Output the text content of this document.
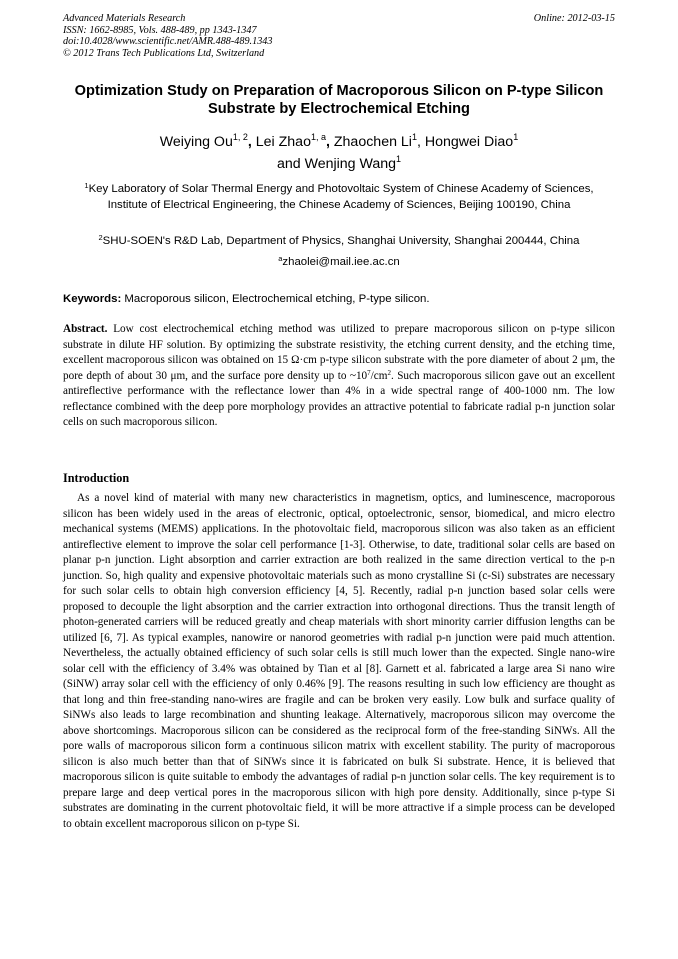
Advanced Materials Research
ISSN: 1662-8985, Vols. 488-489, pp 1343-1347
doi:10.4028/www.scientific.net/AMR.488-489.1343
© 2012 Trans Tech Publications Ltd, Switzerland
Online: 2012-03-15
Optimization Study on Preparation of Macroporous Silicon on P-type Silicon Substrate by Electrochemical Etching
Weiying Ou$^{1, 2}$, Lei Zhao$^{1, a}$, Zhaochen Li$^1$, Hongwei Diao$^1$
and Wenjing Wang$^1$
$^1$Key Laboratory of Solar Thermal Energy and Photovoltaic System of Chinese Academy of Sciences, Institute of Electrical Engineering, the Chinese Academy of Sciences, Beijing 100190, China
$^2$SHU-SOEN's R&D Lab, Department of Physics, Shanghai University, Shanghai 200444, China
$^a$zhaolei@mail.iee.ac.cn
Keywords: Macroporous silicon, Electrochemical etching, P-type silicon.

Abstract. Low cost electrochemical etching method was utilized to prepare macroporous silicon on p-type silicon substrate in dilute HF solution. By optimizing the substrate resistivity, the etching current density, and the etching time, excellent macroporous silicon was obtained on 15 Ω·cm p-type silicon substrate with the pore diameter of about 2 μm, the pore depth of about 30 μm, and the surface pore density up to $\sim 10^7/cm^2$. Such macroporous silicon gave out an excellent antireflective performance with the reflectance lower than 4% in a wide spectral range of 400-1000 nm. The low reflectance combined with the deep pore morphology provides an attractive potential to fabricate radial p-n junction solar cells on such macroporous silicon.

Introduction

As a novel kind of material with many new characteristics in magnetism, optics, and luminescence, macroporous silicon has been widely used in the areas of electronic, optical, optoelectronic, sensor, biomedical, and micro electro mechanical systems (MEMS) applications. In the photovoltaic field, macroporous silicon was also taken as an efficient antireflective element to improve the solar cell performance [1-3]. Otherwise, to date, traditional solar cells are based on planar p-n junction. Light absorption and carrier extraction are both realized in the same direction vertical to the p-n junction. So, high quality and expensive photovoltaic materials such as mono crystalline Si (c-Si) substrates are necessary for such solar cells to obtain high conversion efficiency [4, 5]. Recently, radial p-n junction based solar cells were proposed to decouple the light absorption and the carrier extraction into orthogonal directions. Thus the transit length of photon-generated carriers will be reduced greatly and cheap materials with short minority carrier diffusion lengths can be utilized [6, 7]. As typical examples, nanowire or nanorod geometries with radial p-n junction were paid much attention. Nevertheless, the actually obtained efficiency of such solar cells is still much lower than the expected. Single nano-wire solar cell with the efficiency of 3.4% was obtained by Tian et al [8]. Garnett et al. fabricated a large area Si nano wire (SiNW) array solar cell with the efficiency of only 0.46% [9]. The reasons resulting in such low efficiency are thought as that long and thin free-standing nano-wires are fragile and can be broken very easily. Low bulk and surface quality of SiNWs also leads to large recombination and shunting leakage. Alternatively, macroporous silicon may overcome the above shortcomings. Macroporous silicon can be considered as the reciprocal form of the free-standing SiNWs. All the pore walls of macroporous silicon form a continuous silicon matrix with excellent stability. The purity of macroporous silicon is also much better than that of SiNWs since it is fabricated on bulk Si substrate. Hence, it is believed that macroporous silicon is quite suitable to embody the advantages of radial p-n junction solar cells. The key requirement is to prepare large and deep vertical pores in the macroporous silicon with high pore density. Additionally, since p-type Si substrates are dominating in the current photovoltaic field, it will be more attractive if a simple process can be developed to obtain excellent macroporous silicon on p-type Si.
